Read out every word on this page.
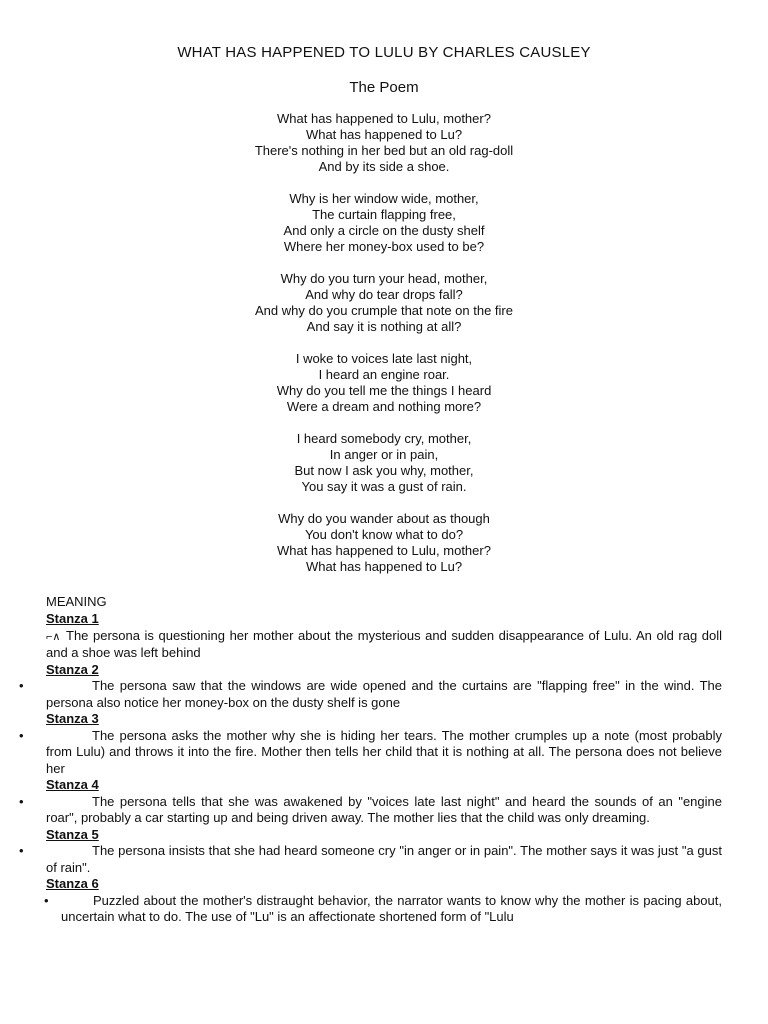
WHAT HAS HAPPENED TO LULU BY CHARLES CAUSLEY
The Poem
What has happened to Lulu, mother?
What has happened to Lu?
There's nothing in her bed but an old rag-doll
And by its side a shoe.
Why is her window wide, mother,
The curtain flapping free,
And only a circle on the dusty shelf
Where her money-box used to be?
Why do you turn your head, mother,
And why do tear drops fall?
And why do you crumple that note on the fire
And say it is nothing at all?
I woke to voices late last night,
I heard an engine roar.
Why do you tell me the things I heard
Were a dream and nothing more?
I heard somebody cry, mother,
In anger or in pain,
But now I ask you why, mother,
You say it was a gust of rain.
Why do you wander about as though
You don't know what to do?
What has happened to Lulu, mother?
What has happened to Lu?
MEANING
Stanza 1
⌐∧ The persona is questioning her mother about the mysterious and sudden disappearance of Lulu. An old rag doll and a shoe was left behind
Stanza 2
•	The persona saw that the windows are wide opened and the curtains are "flapping free" in the wind. The persona also notice her money-box on the dusty shelf is gone
Stanza 3
•	The persona asks the mother why she is hiding her tears. The mother crumples up a note (most probably from Lulu) and throws it into the fire. Mother then tells her child that it is nothing at all. The persona does not believe her
Stanza 4
•	The persona tells that she was awakened by "voices late last night" and heard the sounds of an "engine roar", probably a car starting up and being driven away. The mother lies that the child was only dreaming.
Stanza 5
•	The persona insists that she had heard someone cry "in anger or in pain". The mother says it was just "a gust of rain".
Stanza 6
•	Puzzled about the mother's distraught behavior, the narrator wants to know why the mother is pacing about, uncertain what to do. The use of "Lu" is an affectionate shortened form of "Lulu
